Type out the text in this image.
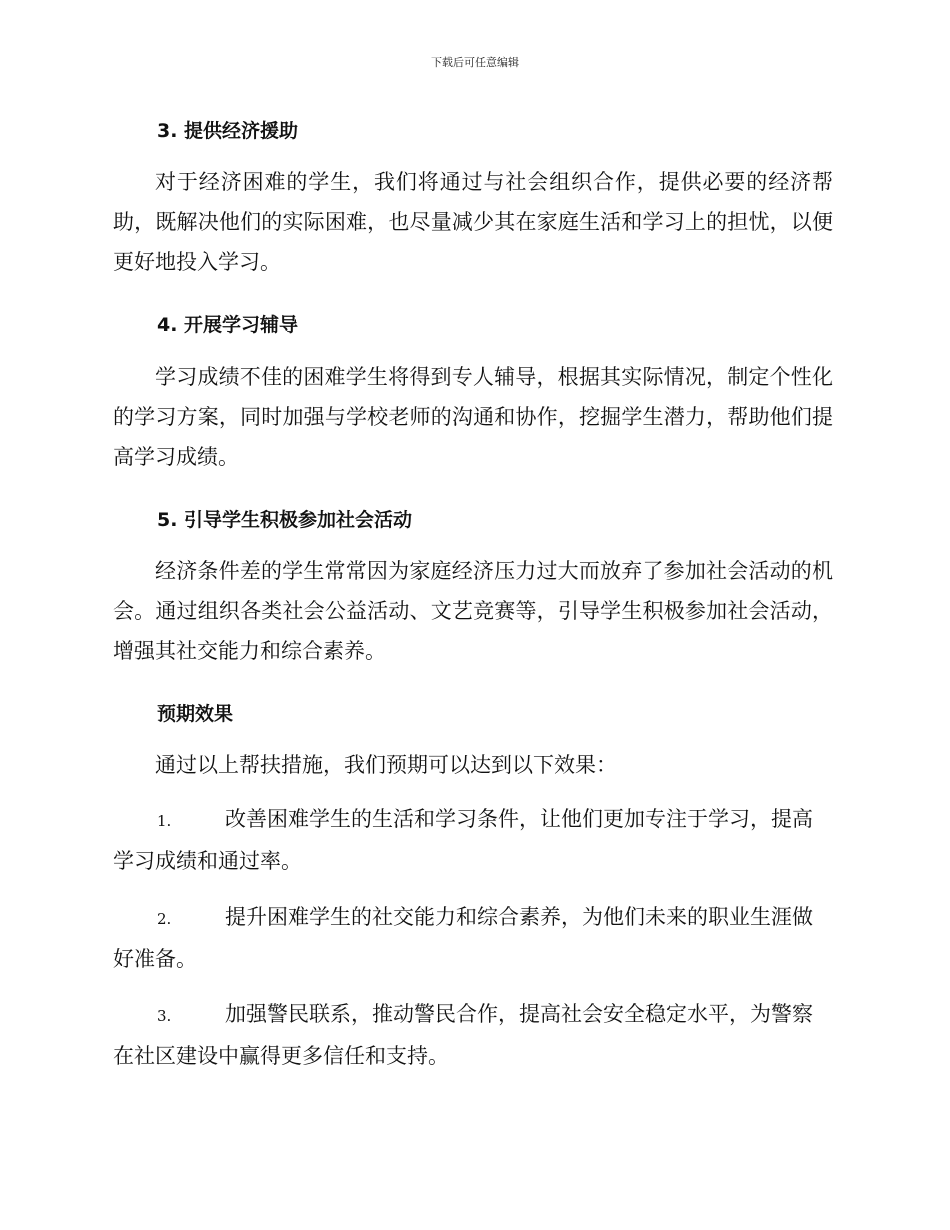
下载后可任意编辑
3. 提供经济援助
对于经济困难的学生，我们将通过与社会组织合作，提供必要的经济帮助，既解决他们的实际困难，也尽量减少其在家庭生活和学习上的担忧，以便更好地投入学习。
4. 开展学习辅导
学习成绩不佳的困难学生将得到专人辅导，根据其实际情况，制定个性化的学习方案，同时加强与学校老师的沟通和协作，挖掘学生潜力，帮助他们提高学习成绩。
5. 引导学生积极参加社会活动
经济条件差的学生常常因为家庭经济压力过大而放弃了参加社会活动的机会。通过组织各类社会公益活动、文艺竞赛等，引导学生积极参加社会活动，增强其社交能力和综合素养。
预期效果
通过以上帮扶措施，我们预期可以达到以下效果：
1.	改善困难学生的生活和学习条件，让他们更加专注于学习，提高学习成绩和通过率。
2.	提升困难学生的社交能力和综合素养，为他们未来的职业生涯做好准备。
3.	加强警民联系，推动警民合作，提高社会安全稳定水平，为警察在社区建设中赢得更多信任和支持。
